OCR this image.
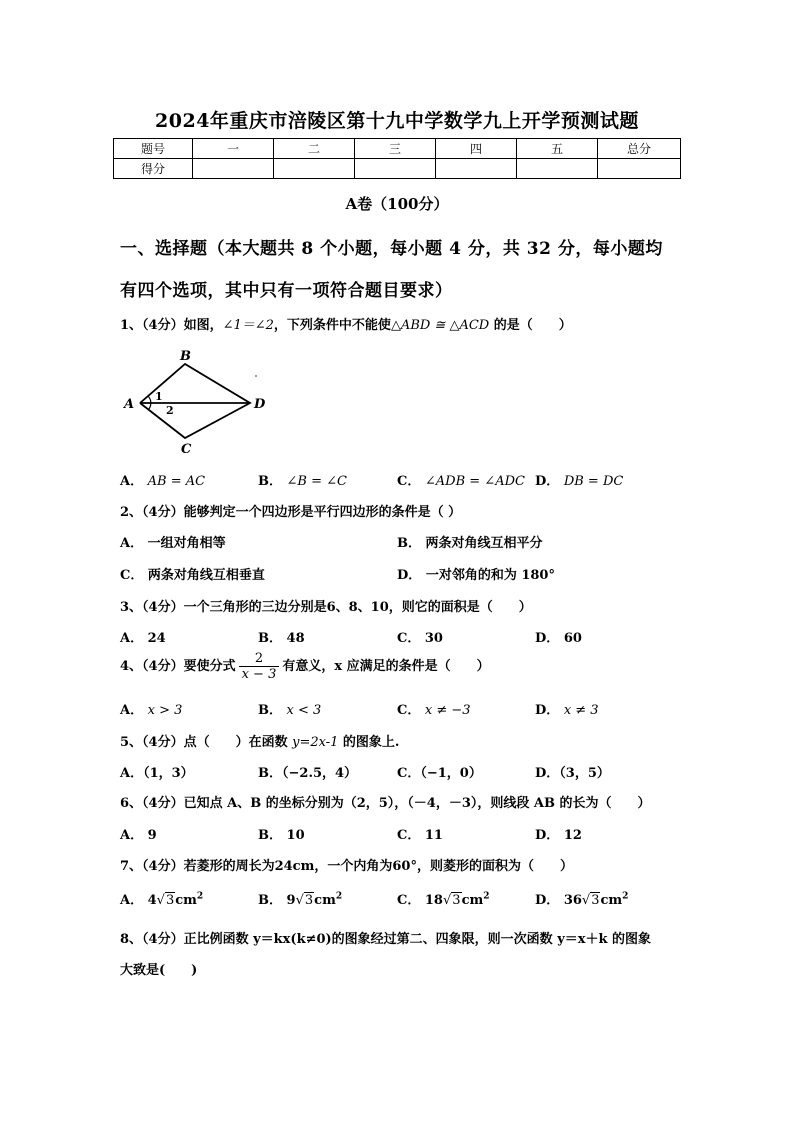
2024年重庆市涪陵区第十九中学数学九上开学预测试题
题号	一	二	三	四	五	总分
得分						
A卷（100分）
一、选择题（本大题共 8 个小题，每小题 4 分，共 32 分，每小题均
有四个选项，其中只有一项符合题目要求）
1、（4分）如图，∠1＝∠2，下列条件中不能使△ABD ≅ △ACD 的是（　　）
A
B
C
D
1
2
A． AB = AC	B． ∠B = ∠C	C． ∠ADB = ∠ADC D． DB = DC
2、（4分）能够判定一个四边形是平行四边形的条件是（ ）
A． 一组对角相等	B． 两条对角线互相平分
C． 两条对角线互相垂直	D． 一对邻角的和为 180°
3、（4分）一个三角形的三边分别是6、8、10，则它的面积是（　　）
A． 24	B． 48	C． 30	D． 60
4、（4分）要使分式 $\frac{2}{x - 3}$ 有意义，x 应满足的条件是（　　）
A． x > 3	B． x < 3	C． x ≠ −3	D． x ≠ 3
5、（4分）点（　　）在函数 y=2x-1 的图象上.
A．（1，3）	B．（−2.5，4）	C．（−1，0）	D．（3，5）
6、（4分）已知点 A、B 的坐标分别为（2，5），（－4，－3），则线段 AB 的长为（　　）
A． 9	B． 10	C． 11	D． 12
7、（4分）若菱形的周长为24cm，一个内角为60°，则菱形的面积为（　　）
A． $4√3cm^2$	B． $9√3cm^2$	C． $18√3cm^2$	D． $36√3cm^2$
8、（4分）正比例函数 y＝kx(k≠0)的图象经过第二、四象限，则一次函数 y＝x＋k 的图象
大致是(　　)
